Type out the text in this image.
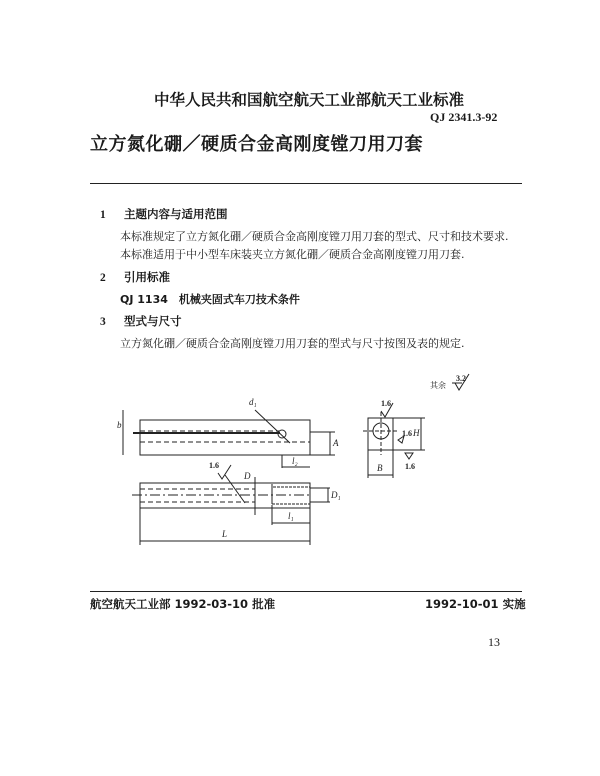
中华人民共和国航空航天工业部航天工业标准
QJ 2341.3-92
立方氮化硼／硬质合金高刚度镗刀用刀套
1 主题内容与适用范围
本标准规定了立方氮化硼／硬质合金高刚度镗刀用刀套的型式、尺寸和技术要求.
本标准适用于中小型车床装夹立方氮化硼／硬质合金高刚度镗刀用刀套.
2 引用标准
QJ 1134　机械夹固式车刀技术条件
3 型式与尺寸
立方氮化硼／硬质合金高刚度镗刀用刀套的型式与尺寸按图及表的规定.
d₁
b
A
l₂
1.6
D
D₁
l₁
L
B
H
1.6
1.6
1.6
其余
3.2
航空航天工业部 1992-03-10 批准	1992-10-01 实施
13
